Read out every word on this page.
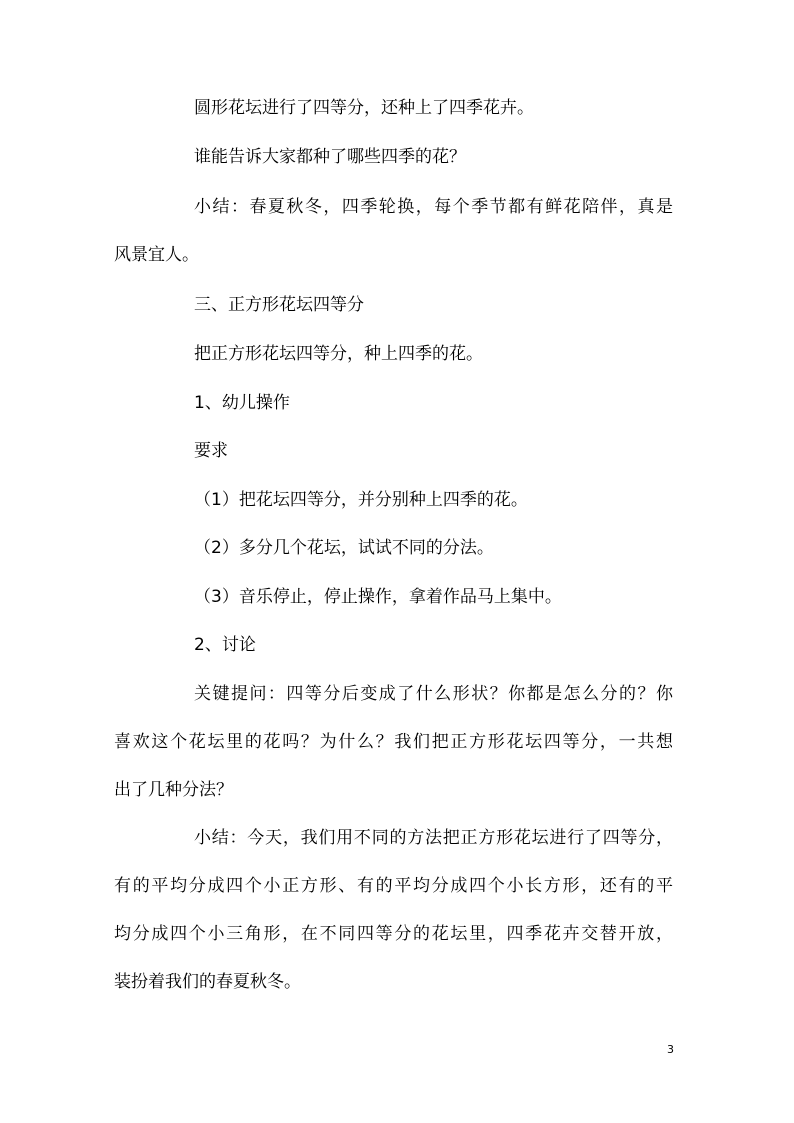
圆形花坛进行了四等分，还种上了四季花卉。
谁能告诉大家都种了哪些四季的花？
小结：春夏秋冬，四季轮换，每个季节都有鲜花陪伴，真是
风景宜人。
三、正方形花坛四等分
把正方形花坛四等分，种上四季的花。
1、幼儿操作
要求
（1）把花坛四等分，并分别种上四季的花。
（2）多分几个花坛，试试不同的分法。
（3）音乐停止，停止操作，拿着作品马上集中。
2、讨论
关键提问：四等分后变成了什么形状？你都是怎么分的？你
喜欢这个花坛里的花吗？为什么？我们把正方形花坛四等分，一共想
出了几种分法？
小结：今天，我们用不同的方法把正方形花坛进行了四等分，
有的平均分成四个小正方形、有的平均分成四个小长方形，还有的平
均分成四个小三角形，在不同四等分的花坛里，四季花卉交替开放，
装扮着我们的春夏秋冬。
3
